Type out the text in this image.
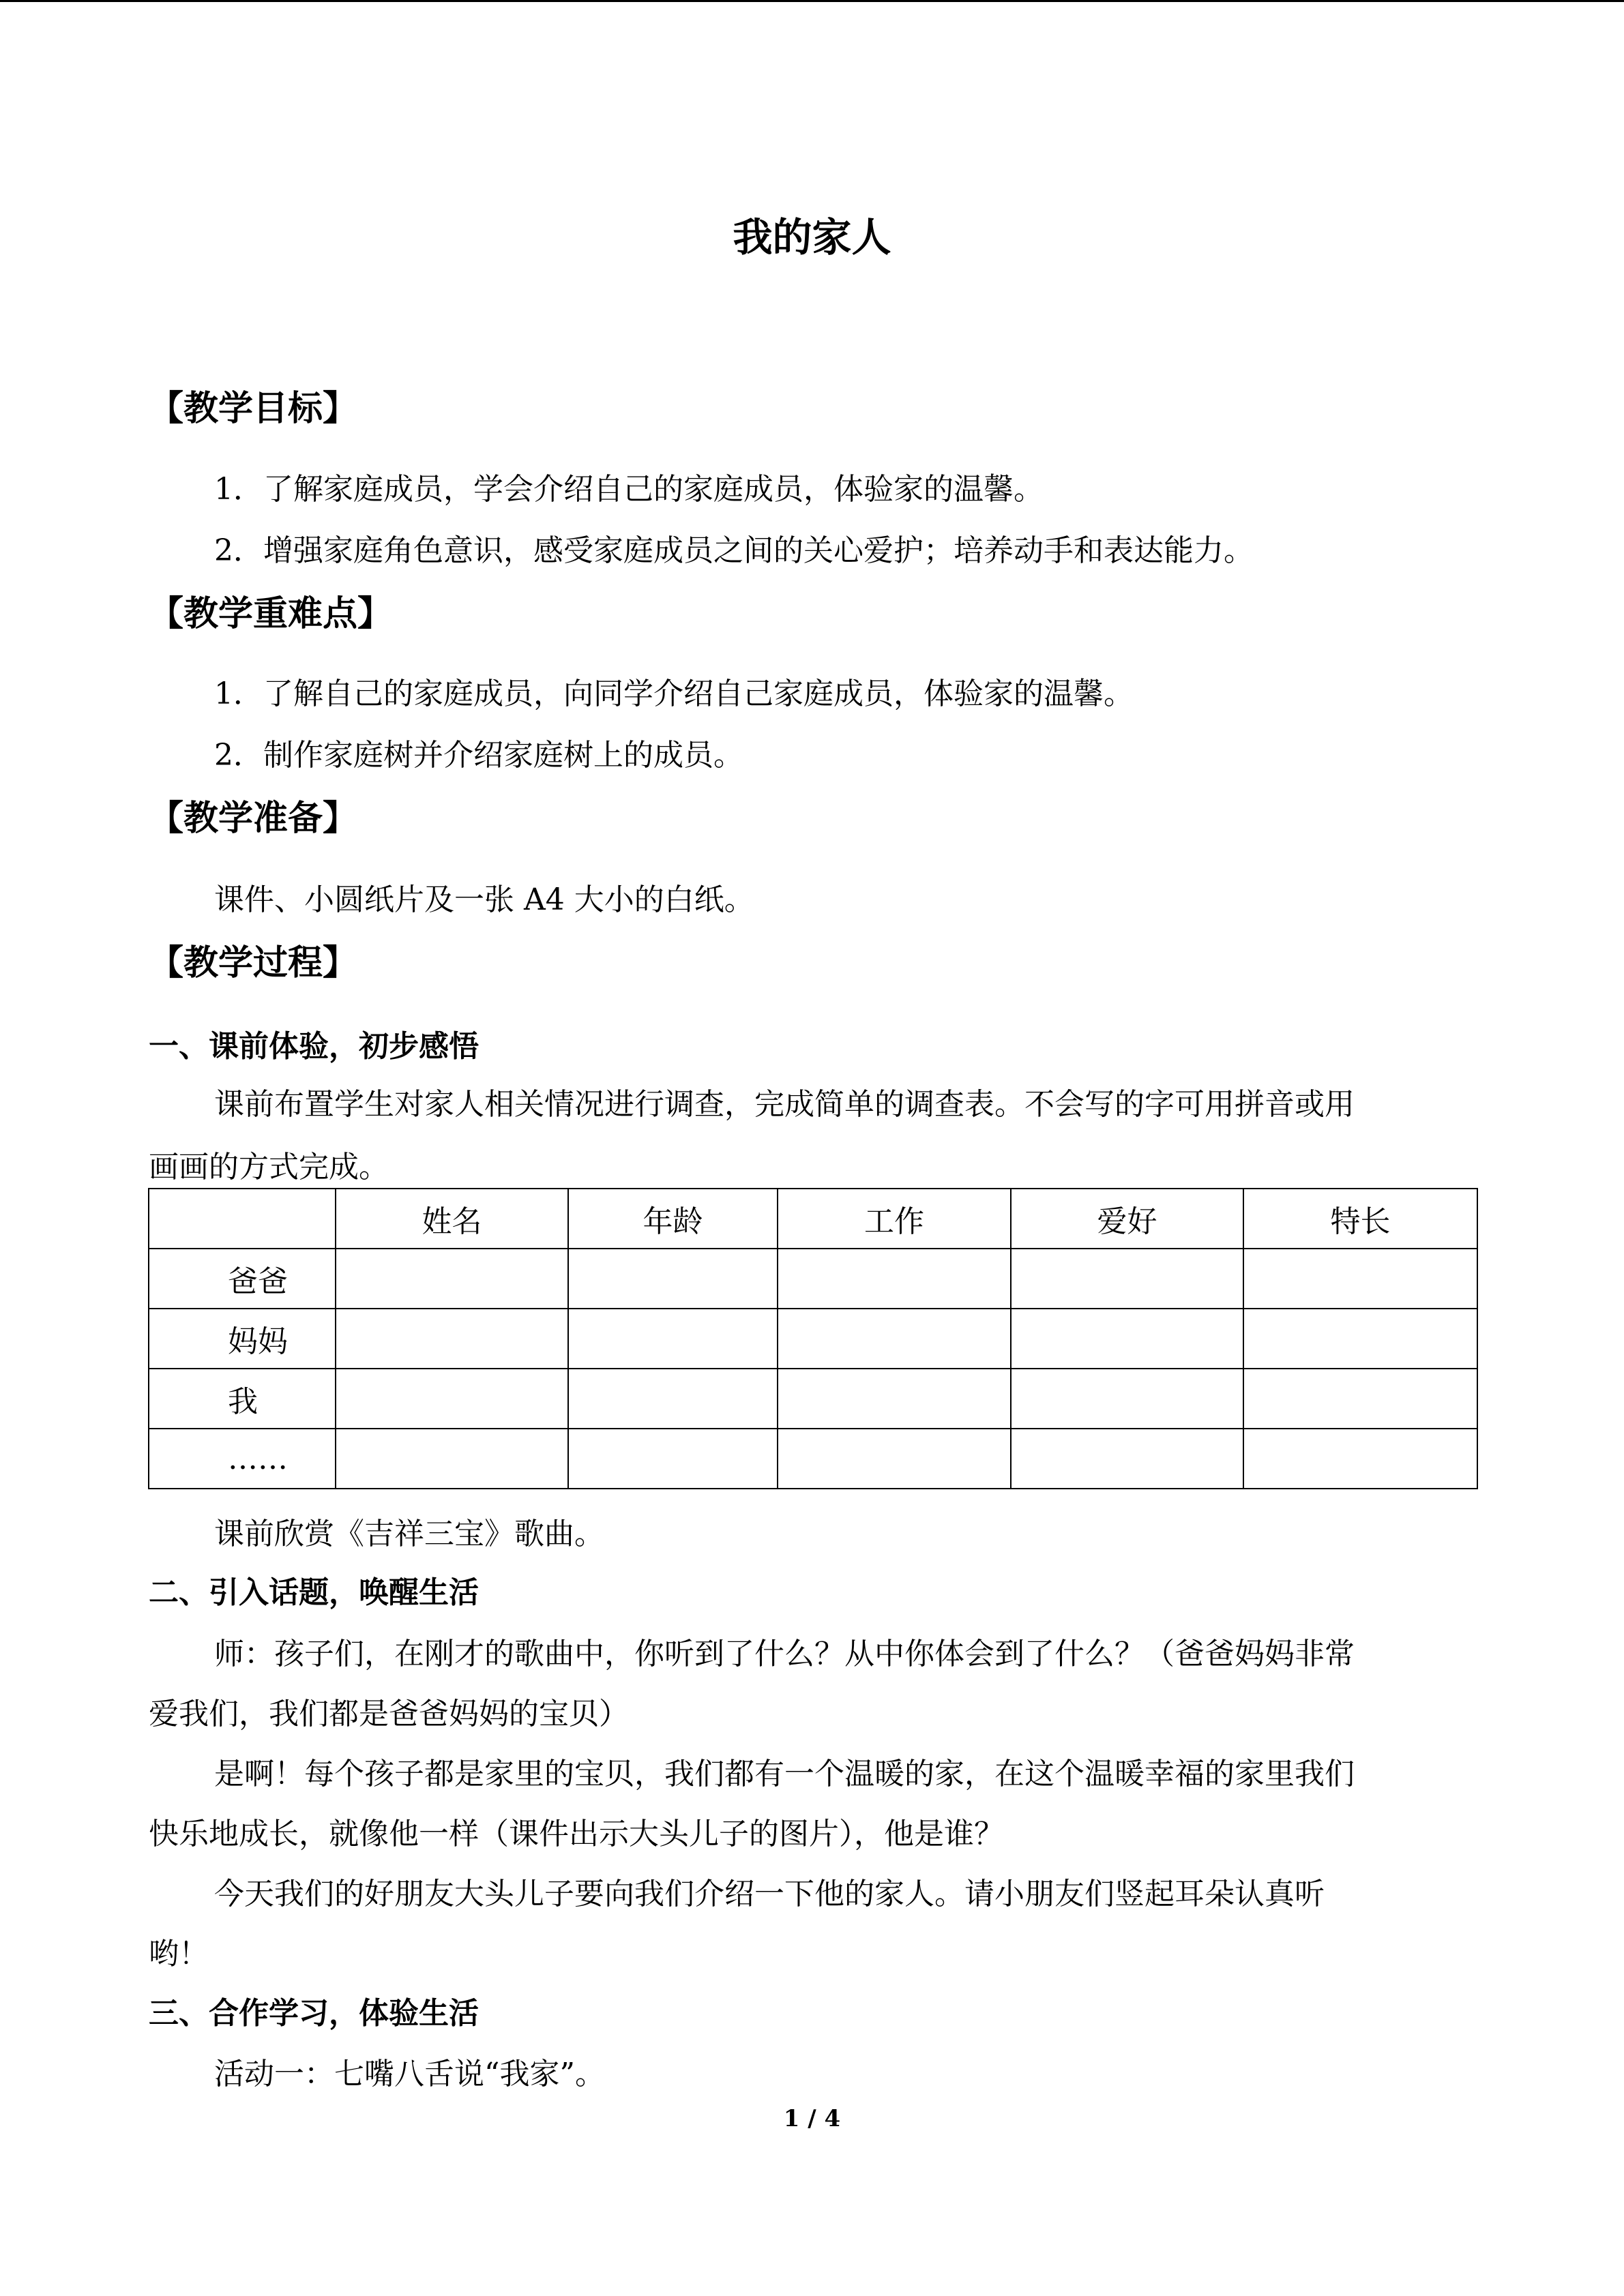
我的家人
【教学目标】
1．了解家庭成员，学会介绍自己的家庭成员，体验家的温馨。
2．增强家庭角色意识，感受家庭成员之间的关心爱护；培养动手和表达能力。
【教学重难点】
1．了解自己的家庭成员，向同学介绍自己家庭成员，体验家的温馨。
2．制作家庭树并介绍家庭树上的成员。
【教学准备】
课件、小圆纸片及一张 A4 大小的白纸。
【教学过程】
一、课前体验，初步感悟
课前布置学生对家人相关情况进行调查，完成简单的调查表。不会写的字可用拼音或用
画画的方式完成。
	姓名	年龄	工作	爱好	特长
爸爸					
妈妈					
我					
……					
课前欣赏《吉祥三宝》歌曲。
二、引入话题，唤醒生活
师：孩子们，在刚才的歌曲中，你听到了什么？从中你体会到了什么？（爸爸妈妈非常
爱我们，我们都是爸爸妈妈的宝贝）
是啊！每个孩子都是家里的宝贝，我们都有一个温暖的家，在这个温暖幸福的家里我们
快乐地成长，就像他一样（课件出示大头儿子的图片），他是谁？
今天我们的好朋友大头儿子要向我们介绍一下他的家人。请小朋友们竖起耳朵认真听
哟！
三、合作学习，体验生活
活动一：七嘴八舌说“我家”。
1 / 4
